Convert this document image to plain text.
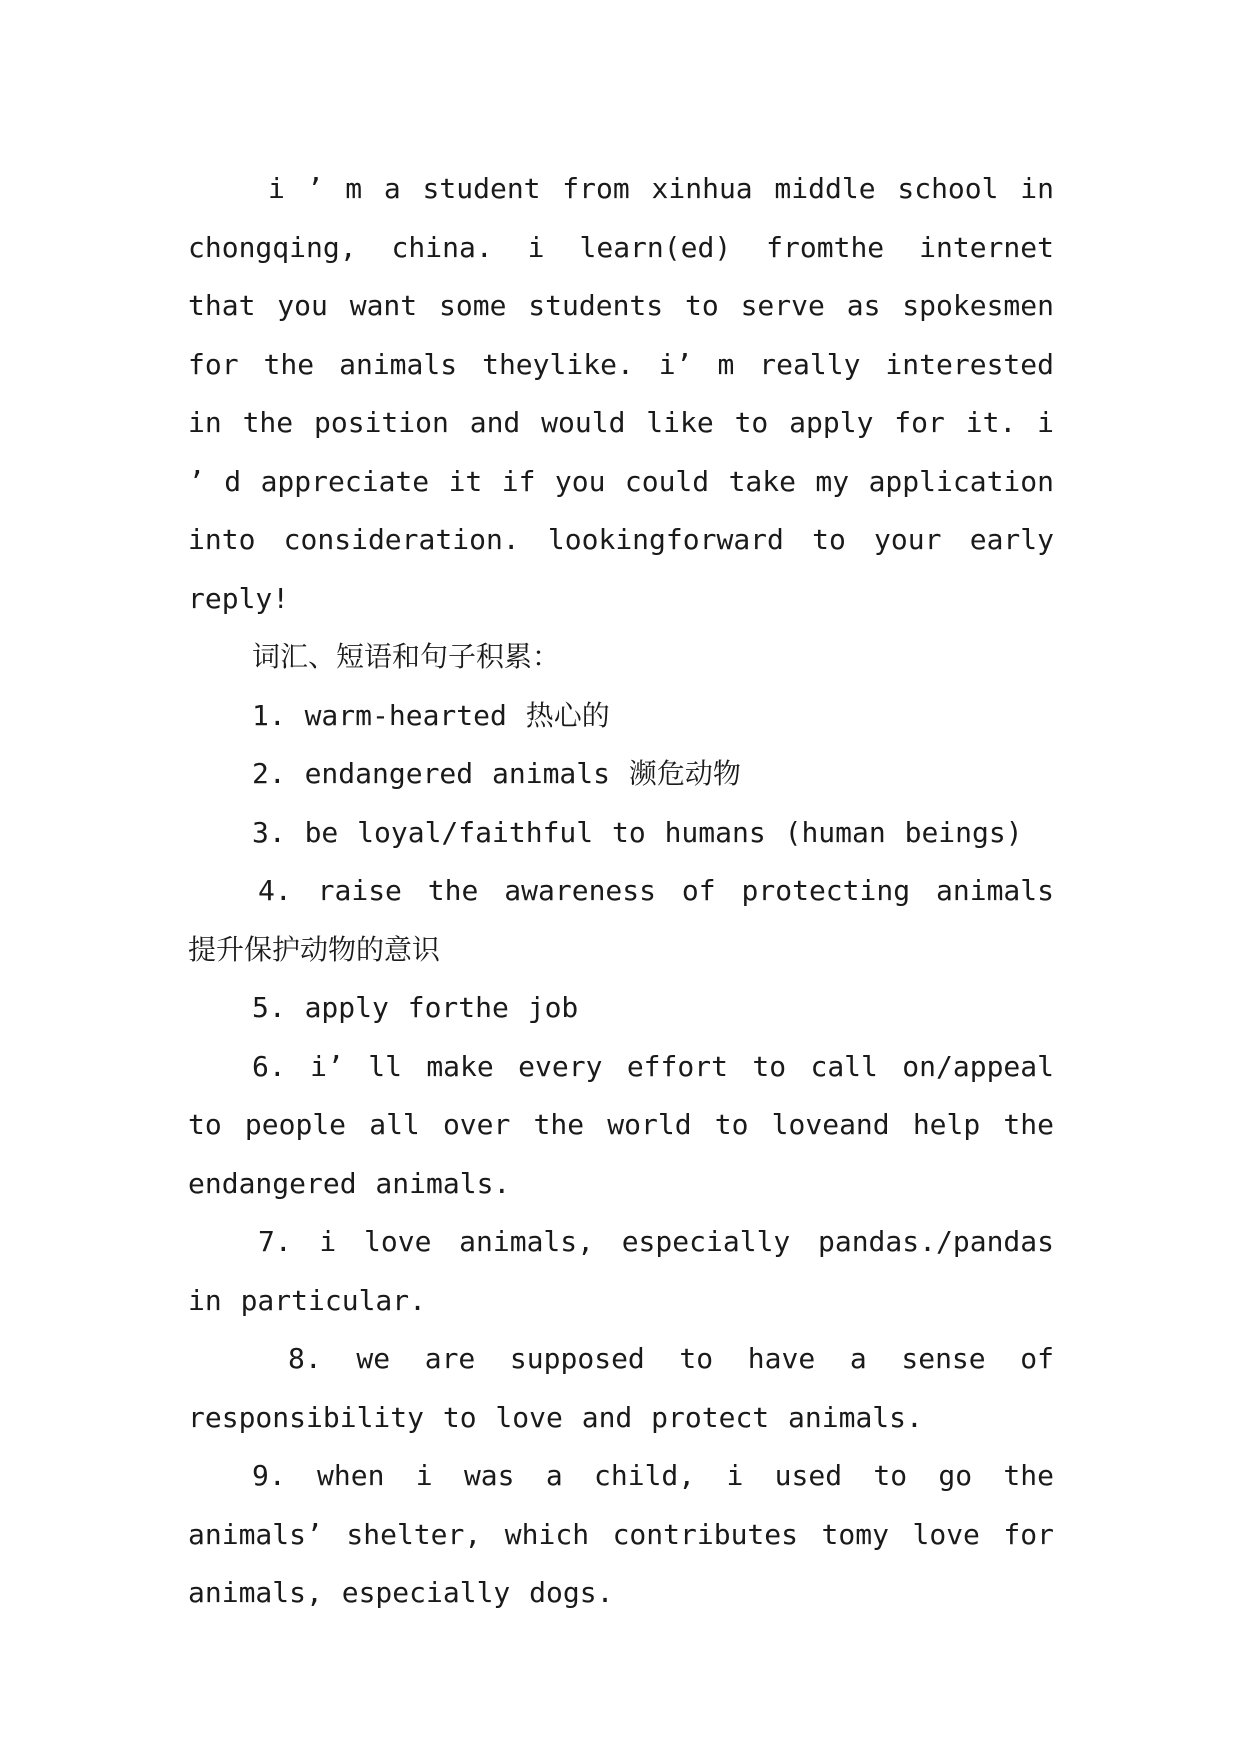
i ’ m a student from xinhua middle school in chongqing, china. i learn(ed) fromthe internet that you want some students to serve as spokesmen for the animals theylike. i’ m really interested in the position and would like to apply for it. i ’ d appreciate it if you could take my application into consideration. lookingforward to your early reply!

词汇、短语和句子积累：

1. warm-hearted 热心的

2. endangered animals 濒危动物

3. be loyal/faithful to humans (human beings)

4. raise the awareness of protecting animals 提升保护动物的意识

5. apply forthe job

6. i’ ll make every effort to call on/appeal to people all over the world to loveand help the endangered animals.

7. i love animals, especially pandas./pandas in particular.

8. we are supposed to have a sense of responsibility to love and protect animals.

9. when i was a child, i used to go the animals’ shelter, which contributes tomy love for animals, especially dogs.
